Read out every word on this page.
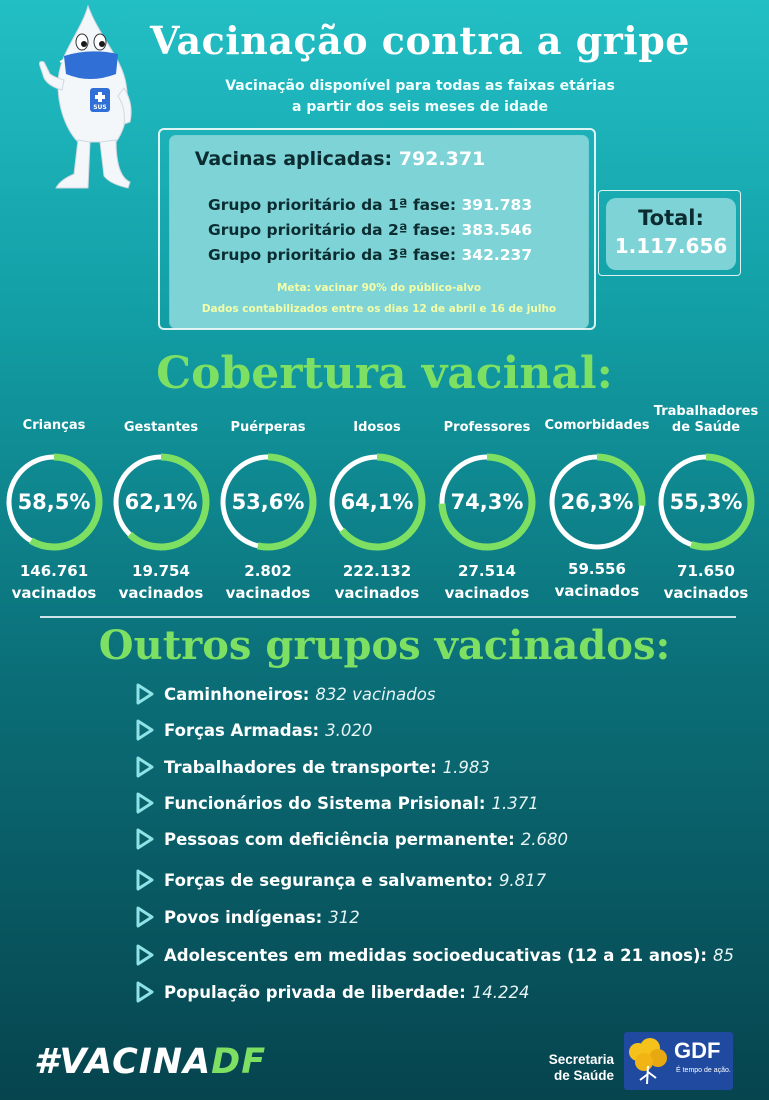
SUS
Vacinação contra a gripe
Vacinação disponível para todas as faixas etárias
a partir dos seis meses de idade
Vacinas aplicadas: 792.371
Grupo prioritário da 1ª fase: 391.783
Grupo prioritário da 2ª fase: 383.546
Grupo prioritário da 3ª fase: 342.237
Meta: vacinar 90% do público-alvo
Dados contabilizados entre os dias 12 de abril e 16 de julho
Total:
1.117.656
Cobertura vacinal:
Crianças
58,5%
146.761
vacinados
Gestantes
62,1%
19.754
vacinados
Puérperas
53,6%
2.802
vacinados
Idosos
64,1%
222.132
vacinados
Professores
74,3%
27.514
vacinados
Comorbidades
26,3%
59.556
vacinados
Trabalhadores
de Saúde
55,3%
71.650
vacinados
Outros grupos vacinados:
Caminhoneiros: 832 vacinados
Forças Armadas: 3.020
Trabalhadores de transporte: 1.983
Funcionários do Sistema Prisional: 1.371
Pessoas com deficiência permanente: 2.680
Forças de segurança e salvamento: 9.817
Povos indígenas: 312
Adolescentes em medidas socioeducativas (12 a 21 anos): 85
População privada de liberdade: 14.224
#VACINADF	Secretaria
de Saúde
GDF
É tempo de ação.
